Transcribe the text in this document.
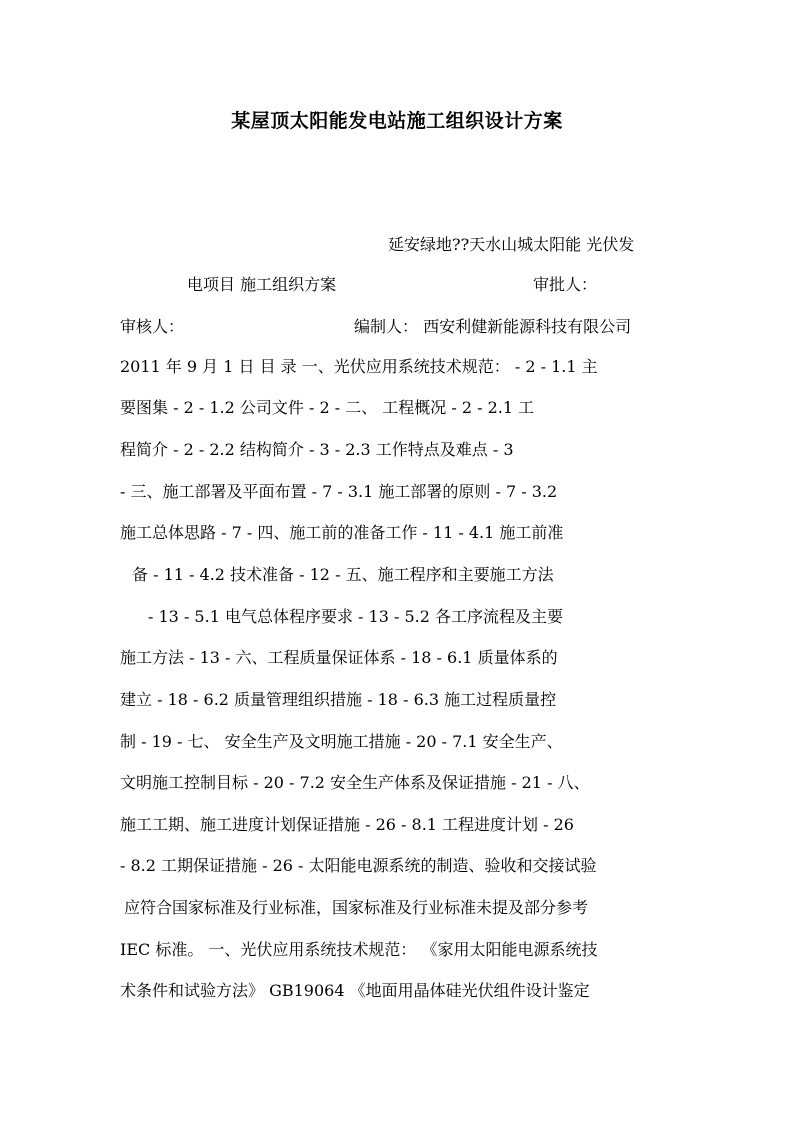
某屋顶太阳能发电站施工组织设计方案
延安绿地??天水山城太阳能 光伏发
电项目 施工组织方案	审批人：
审核人：	编制人： 西安利健新能源科技有限公司
2011 年 9 月 1 日 目 录 一、光伏应用系统技术规范： - 2 - 1.1 主
要图集 - 2 - 1.2 公司文件 - 2 - 二、 工程概况 - 2 - 2.1 工
程简介 - 2 - 2.2 结构简介 - 3 - 2.3 工作特点及难点 - 3
- 三、施工部署及平面布置 - 7 - 3.1 施工部署的原则 - 7 - 3.2
施工总体思路 - 7 - 四、施工前的准备工作 - 11 - 4.1 施工前准
备 - 11 - 4.2 技术准备 - 12 - 五、施工程序和主要施工方法
- 13 - 5.1 电气总体程序要求 - 13 - 5.2 各工序流程及主要
施工方法 - 13 - 六、工程质量保证体系 - 18 - 6.1 质量体系的
建立 - 18 - 6.2 质量管理组织措施 - 18 - 6.3 施工过程质量控
制 - 19 - 七、 安全生产及文明施工措施 - 20 - 7.1 安全生产、
文明施工控制目标 - 20 - 7.2 安全生产体系及保证措施 - 21 - 八、
施工工期、施工进度计划保证措施 - 26 - 8.1 工程进度计划 - 26
- 8.2 工期保证措施 - 26 - 太阳能电源系统的制造、验收和交接试验
应符合国家标准及行业标准，国家标准及行业标准未提及部分参考
IEC 标准。 一、光伏应用系统技术规范： 《家用太阳能电源系统技
术条件和试验方法》 GB19064 《地面用晶体硅光伏组件设计鉴定
